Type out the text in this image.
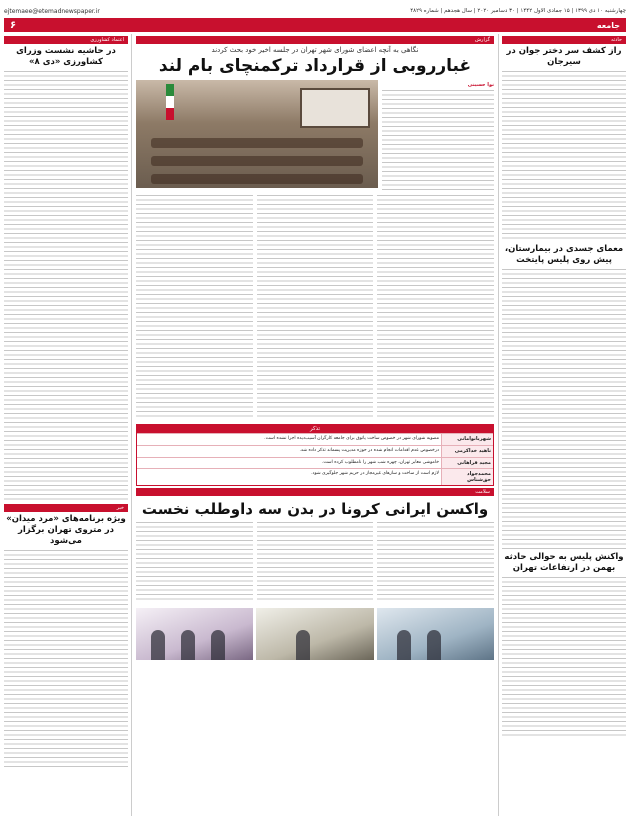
ejtemaee@etemadnewspaper.ir	چهارشنبه ۱۰ دی ۱۳۹۹ | ۱۵ جمادی الاول ۱۴۴۲ | ۳۰ دسامبر ۲۰۲۰ | سال هجدهم | شماره ۴۸۲۹
جامعه
۶
حادثه
راز کشف سر دختر جوان در سیرجان
معمای جسدی در بیمارستان، پیش روی پلیس پایتخت
واکنش پلیس به حوالی حادثه بهمن در ارتفاعات تهران
گزارش
نگاهی به آنچه اعضای شورای شهر تهران در جلسه اخیر خود بحث کردند
غبارروبی از قرارداد ترکمنچای بام لند
نوا حسینی
تذکر
شهربانوامانی
مصوبه شورای شهر در خصوص ساخت پاتوق برای جامعه کارگران آسیب‌دیده اجرا نشده است.
ناهید خداکرمی
درخصوص عدم اقدامات انجام شده در حوزه مدیریت پسماند تذکر داده شد.
مجید فراهانی
خاموشی معابر تهران، چهره شب شهر را نامطلوب کرده است.
محمدجواد حق‌شناس
لازم است از ساخت و سازهای غیرمجاز در حریم شهر جلوگیری شود.
سلامت
واکسن ایرانی کرونا در بدن سه داوطلب نخست
اعتماد کشاورزی
در حاشیه نشست وزرای کشاورزی «دی ۸»
خبر
ویژه برنامه‌های «مرد میدان» در متروی تهران برگزار می‌شود
